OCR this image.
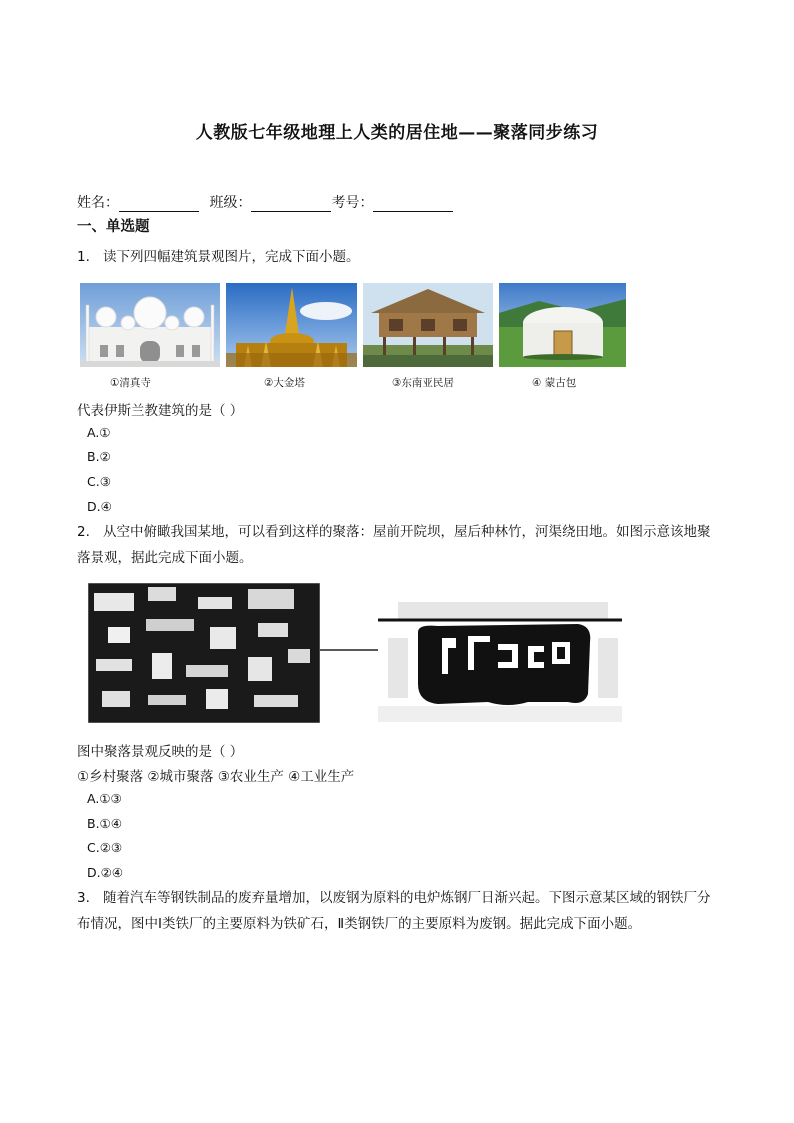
人教版七年级地理上人类的居住地——聚落同步练习
姓名：	班级：	考号：
一、单选题
1. 读下列四幅建筑景观图片，完成下面小题。
①清真寺	②大金塔	③东南亚民居	④ 蒙古包
代表伊斯兰教建筑的是（ ）
A.①
B.②
C.③
D.④
2. 从空中俯瞰我国某地，可以看到这样的聚落：屋前开院坝，屋后种林竹，河渠绕田地。如图示意该地聚落景观，据此完成下面小题。
图中聚落景观反映的是（ ）
①乡村聚落 ②城市聚落 ③农业生产 ④工业生产
A.①③
B.①④
C.②③
D.②④
3. 随着汽车等钢铁制品的废弃量增加，以废钢为原料的电炉炼钢厂日渐兴起。下图示意某区域的钢铁厂分布情况，图中Ⅰ类铁厂的主要原料为铁矿石，Ⅱ类钢铁厂的主要原料为废钢。据此完成下面小题。
